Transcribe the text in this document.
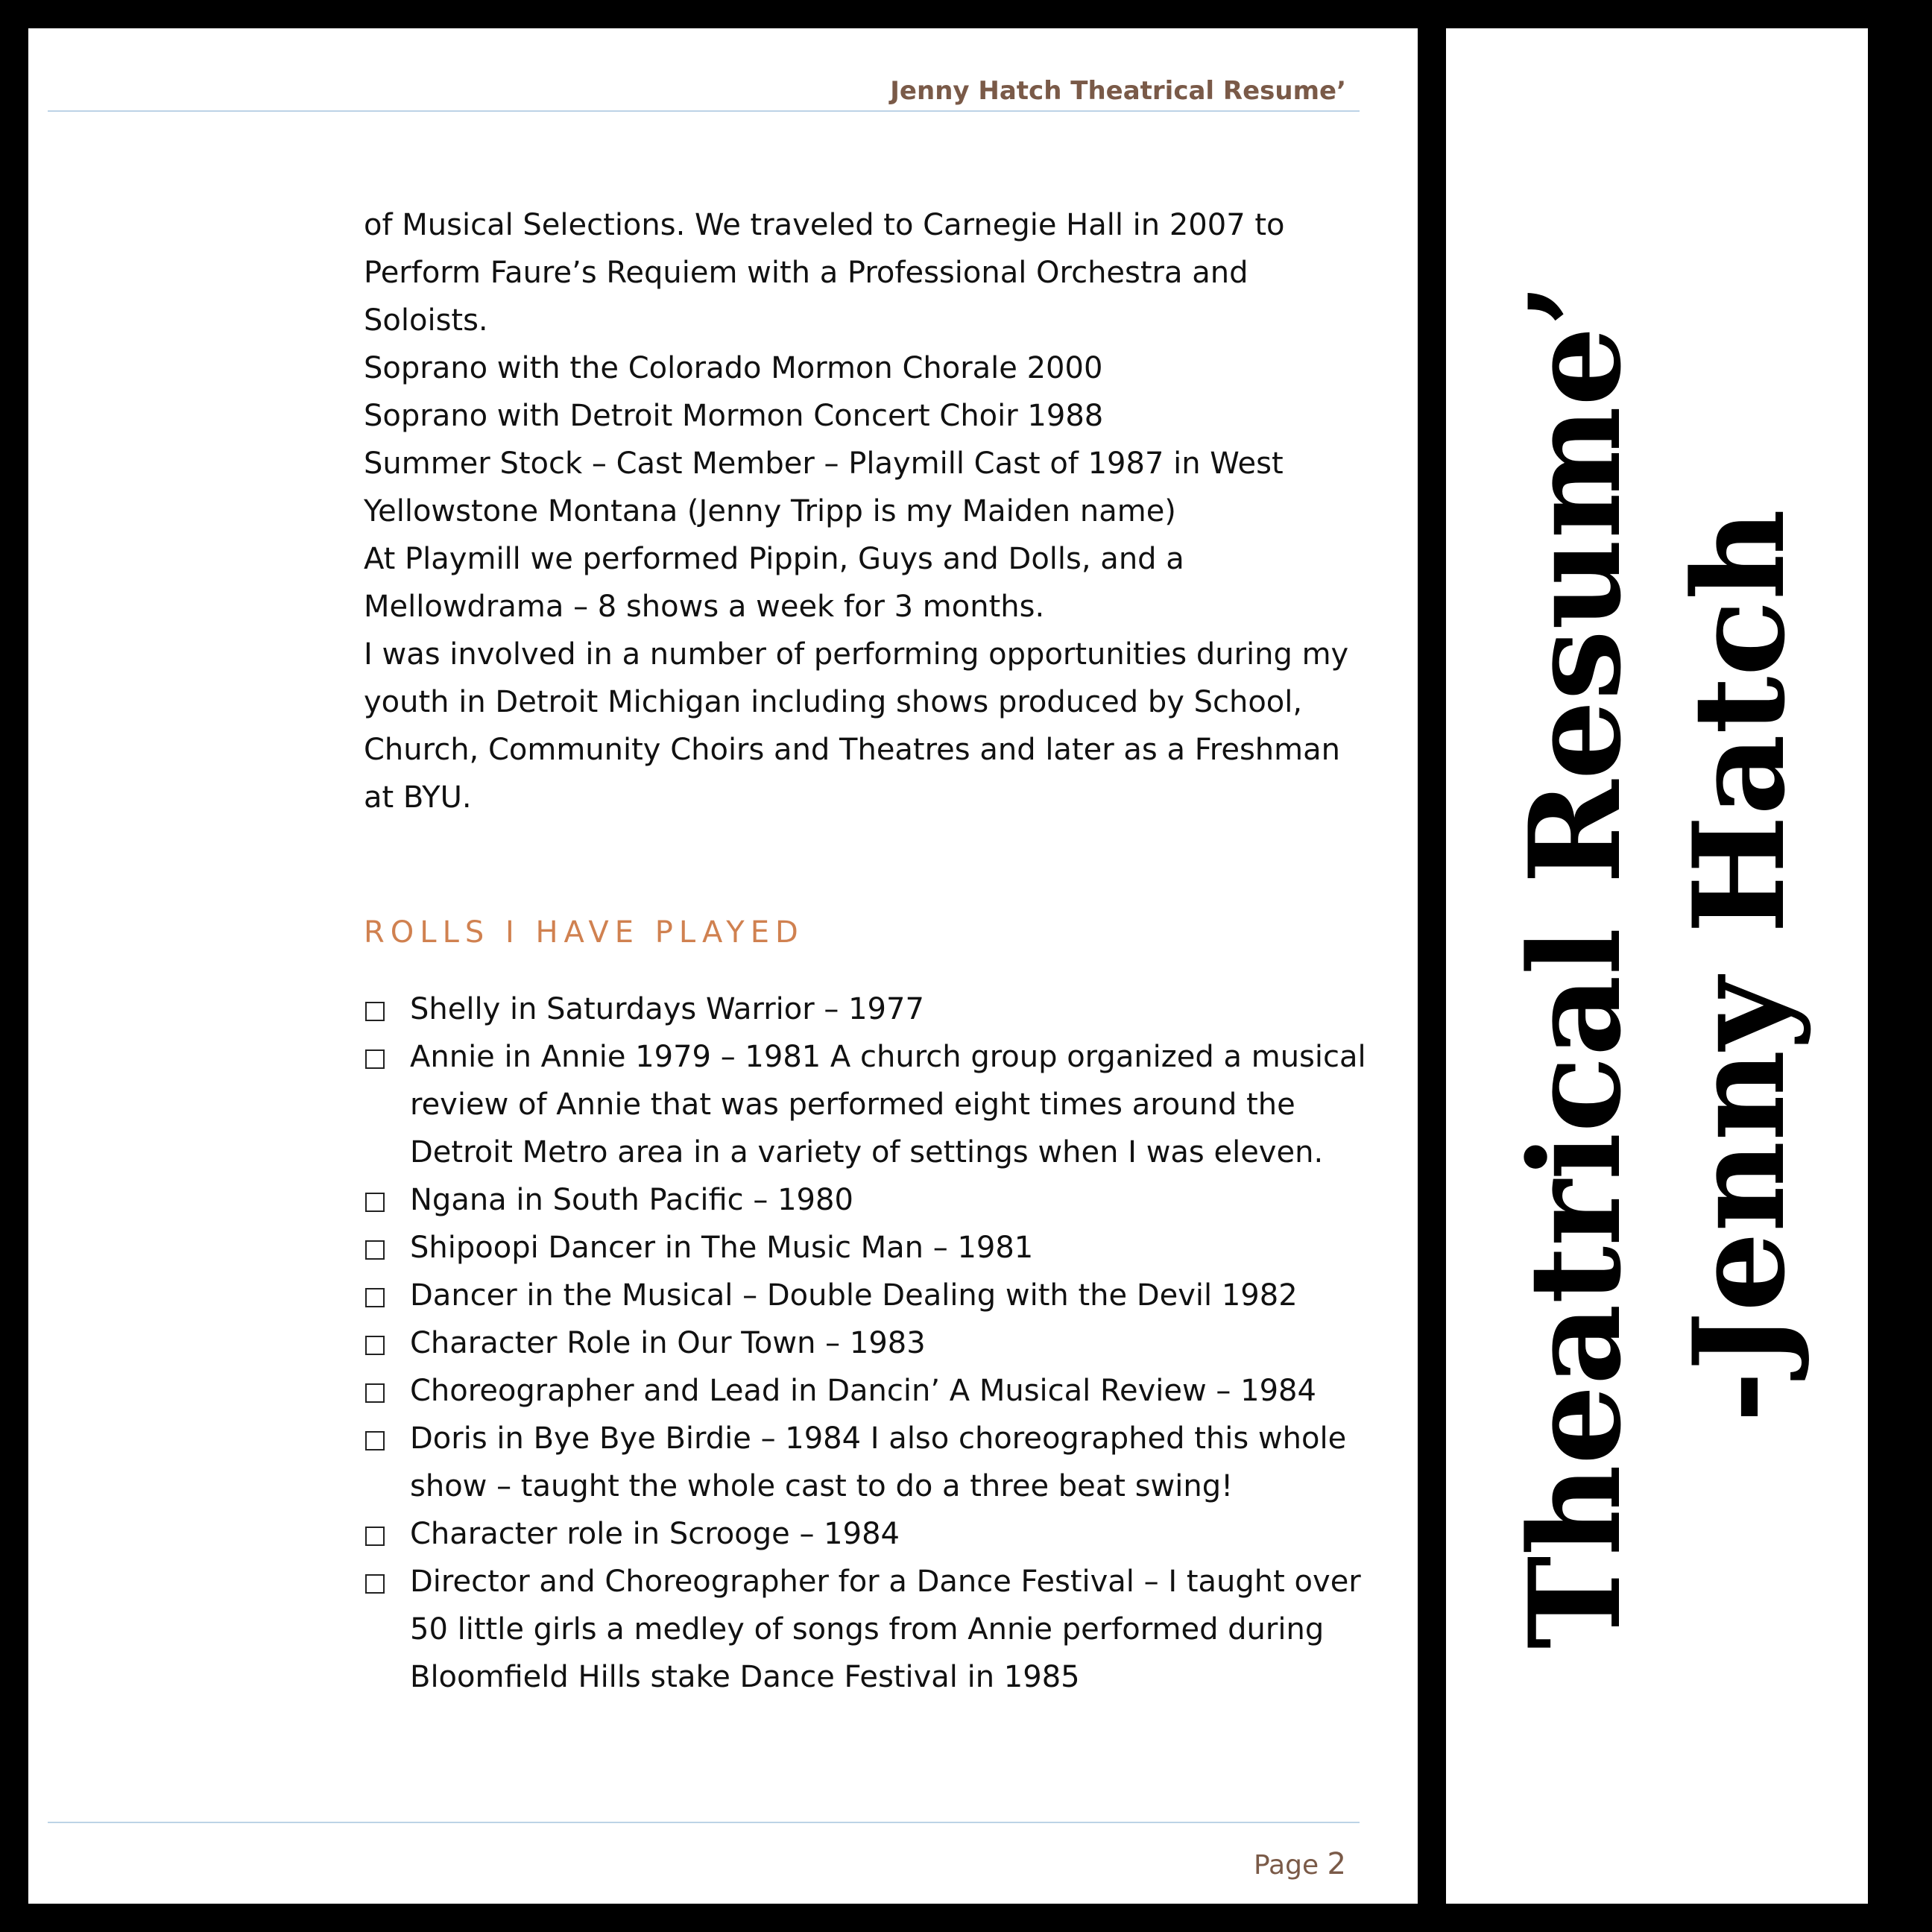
Jenny Hatch Theatrical Resume’

of Musical Selections. We traveled to Carnegie Hall in 2007 to Perform Faure’s Requiem with a Professional Orchestra and Soloists.

Soprano with the Colorado Mormon Chorale 2000

Soprano with Detroit Mormon Concert Choir 1988

Summer Stock – Cast Member – Playmill Cast of 1987 in West Yellowstone Montana (Jenny Tripp is my Maiden name)

At Playmill we performed Pippin, Guys and Dolls, and a Mellowdrama – 8 shows a week for 3 months.

I was involved in a number of performing opportunities during my youth in Detroit Michigan including shows produced by School, Church, Community Choirs and Theatres and later as a Freshman at BYU.

ROLLS I HAVE PLAYED
Shelly in Saturdays Warrior – 1977
Annie in Annie 1979 – 1981 A church group organized a musical review of Annie that was performed eight times around the Detroit Metro area in a variety of settings when I was eleven.
Ngana in South Pacific – 1980
Shipoopi Dancer in The Music Man – 1981
Dancer in the Musical – Double Dealing with the Devil 1982
Character Role in Our Town – 1983
Choreographer and Lead in Dancin’ A Musical Review – 1984
Doris in Bye Bye Birdie – 1984 I also choreographed this whole show – taught the whole cast to do a three beat swing!
Character role in Scrooge – 1984
Director and Choreographer for a Dance Festival – I taught over 50 little girls a medley of songs from Annie performed during Bloomfield Hills stake Dance Festival in 1985
Page 2
Theatrical Resume’ -Jenny Hatch
